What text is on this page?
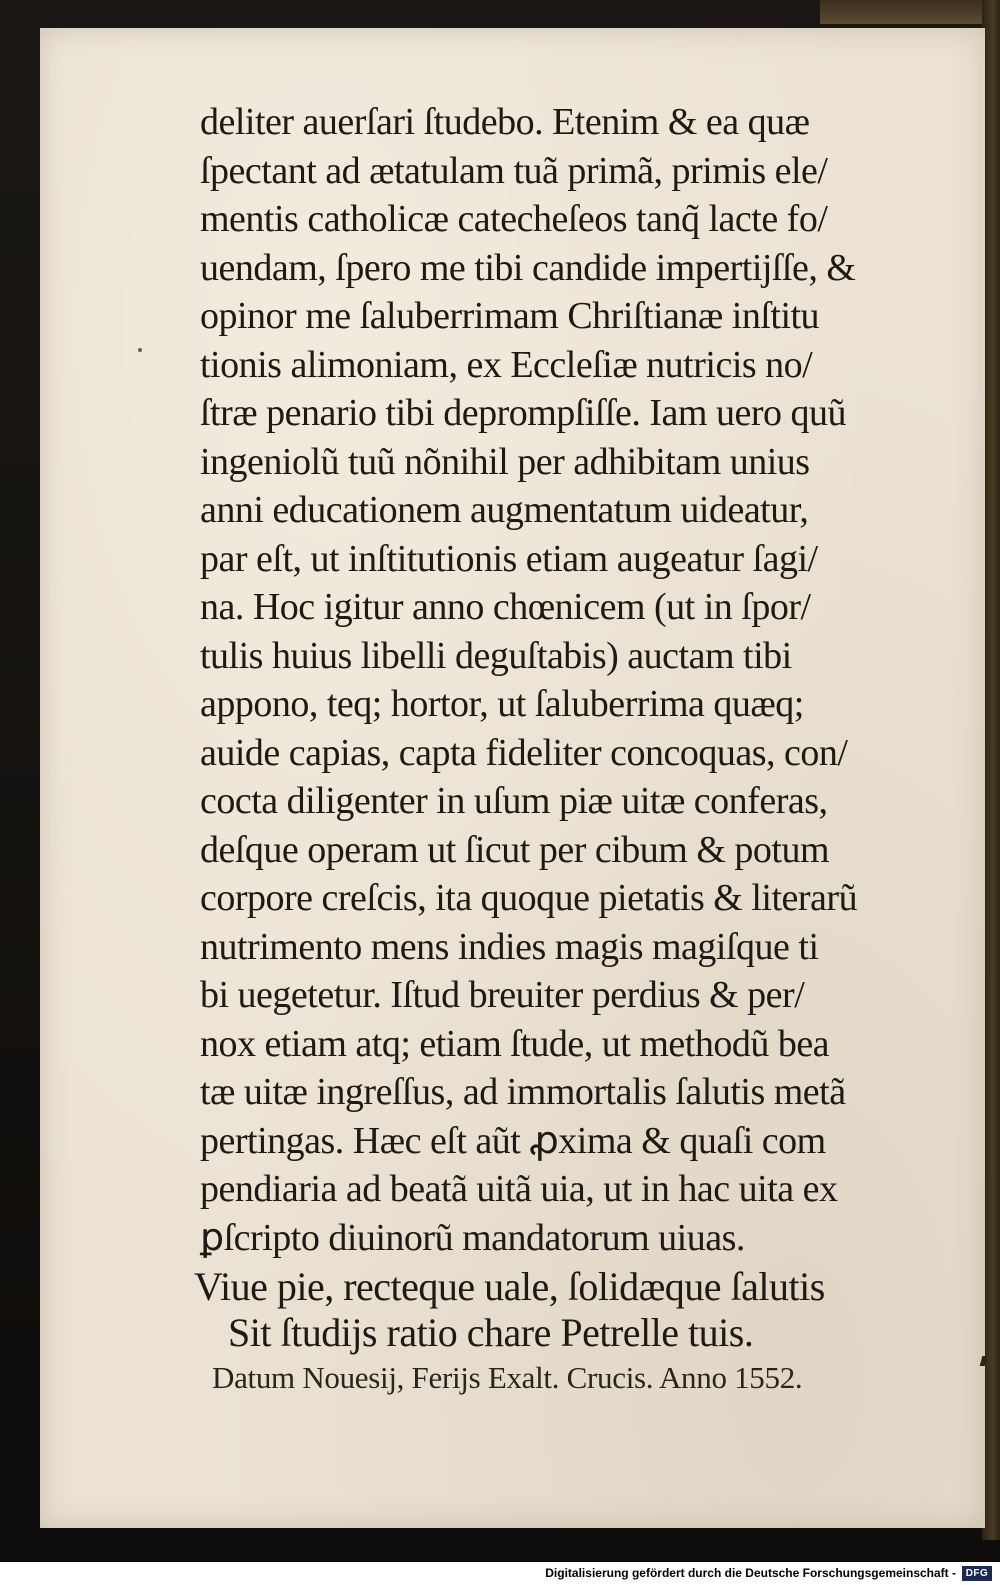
deliter auerſari ſtudebo. Etenim & ea quæ
ſpectant ad ætatulam tuã primã, primis ele/
mentis catholicæ catecheſeos tanq̃ lacte fo/
uendam, ſpero me tibi candide impertijſſe, &
opinor me ſaluberrimam Chriſtianæ inſtitu
tionis alimoniam, ex Eccleſiæ nutricis no/
ſtræ penario tibi deprompſiſſe. Iam uero quũ
ingeniolũ tuũ nõnihil per adhibitam unius
anni educationem augmentatum uideatur,
par eſt, ut inſtitutionis etiam augeatur ſagi/
na. Hoc igitur anno chœnicem (ut in ſpor/
tulis huius libelli deguſtabis) auctam tibi
appono, teq; hortor, ut ſaluberrima quæq;
auide capias, capta fideliter concoquas, con/
cocta diligenter in uſum piæ uitæ conferas,
deſque operam ut ſicut per cibum & potum
corpore creſcis, ita quoque pietatis & literarũ
nutrimento mens indies magis magiſque ti
bi uegetetur. Iſtud breuiter perdius & per/
nox etiam atq; etiam ſtude, ut methodũ bea
tæ uitæ ingreſſus, ad immortalis ſalutis metã
pertingas. Hæc eſt aũt ꝓxima & quaſi com
pendiaria ad beatã uitã uia, ut in hac uita ex
ꝑſcripto diuinorũ mandatorum uiuas.
Viue pie, recteque uale, ſolidæque ſalutis
Sit ſtudijs ratio chare Petrelle tuis.
Datum Nouesij, Ferijs Exalt. Crucis. Anno 1552.
Digitalisierung gefördert durch die Deutsche Forschungsgemeinschaft - DFG
